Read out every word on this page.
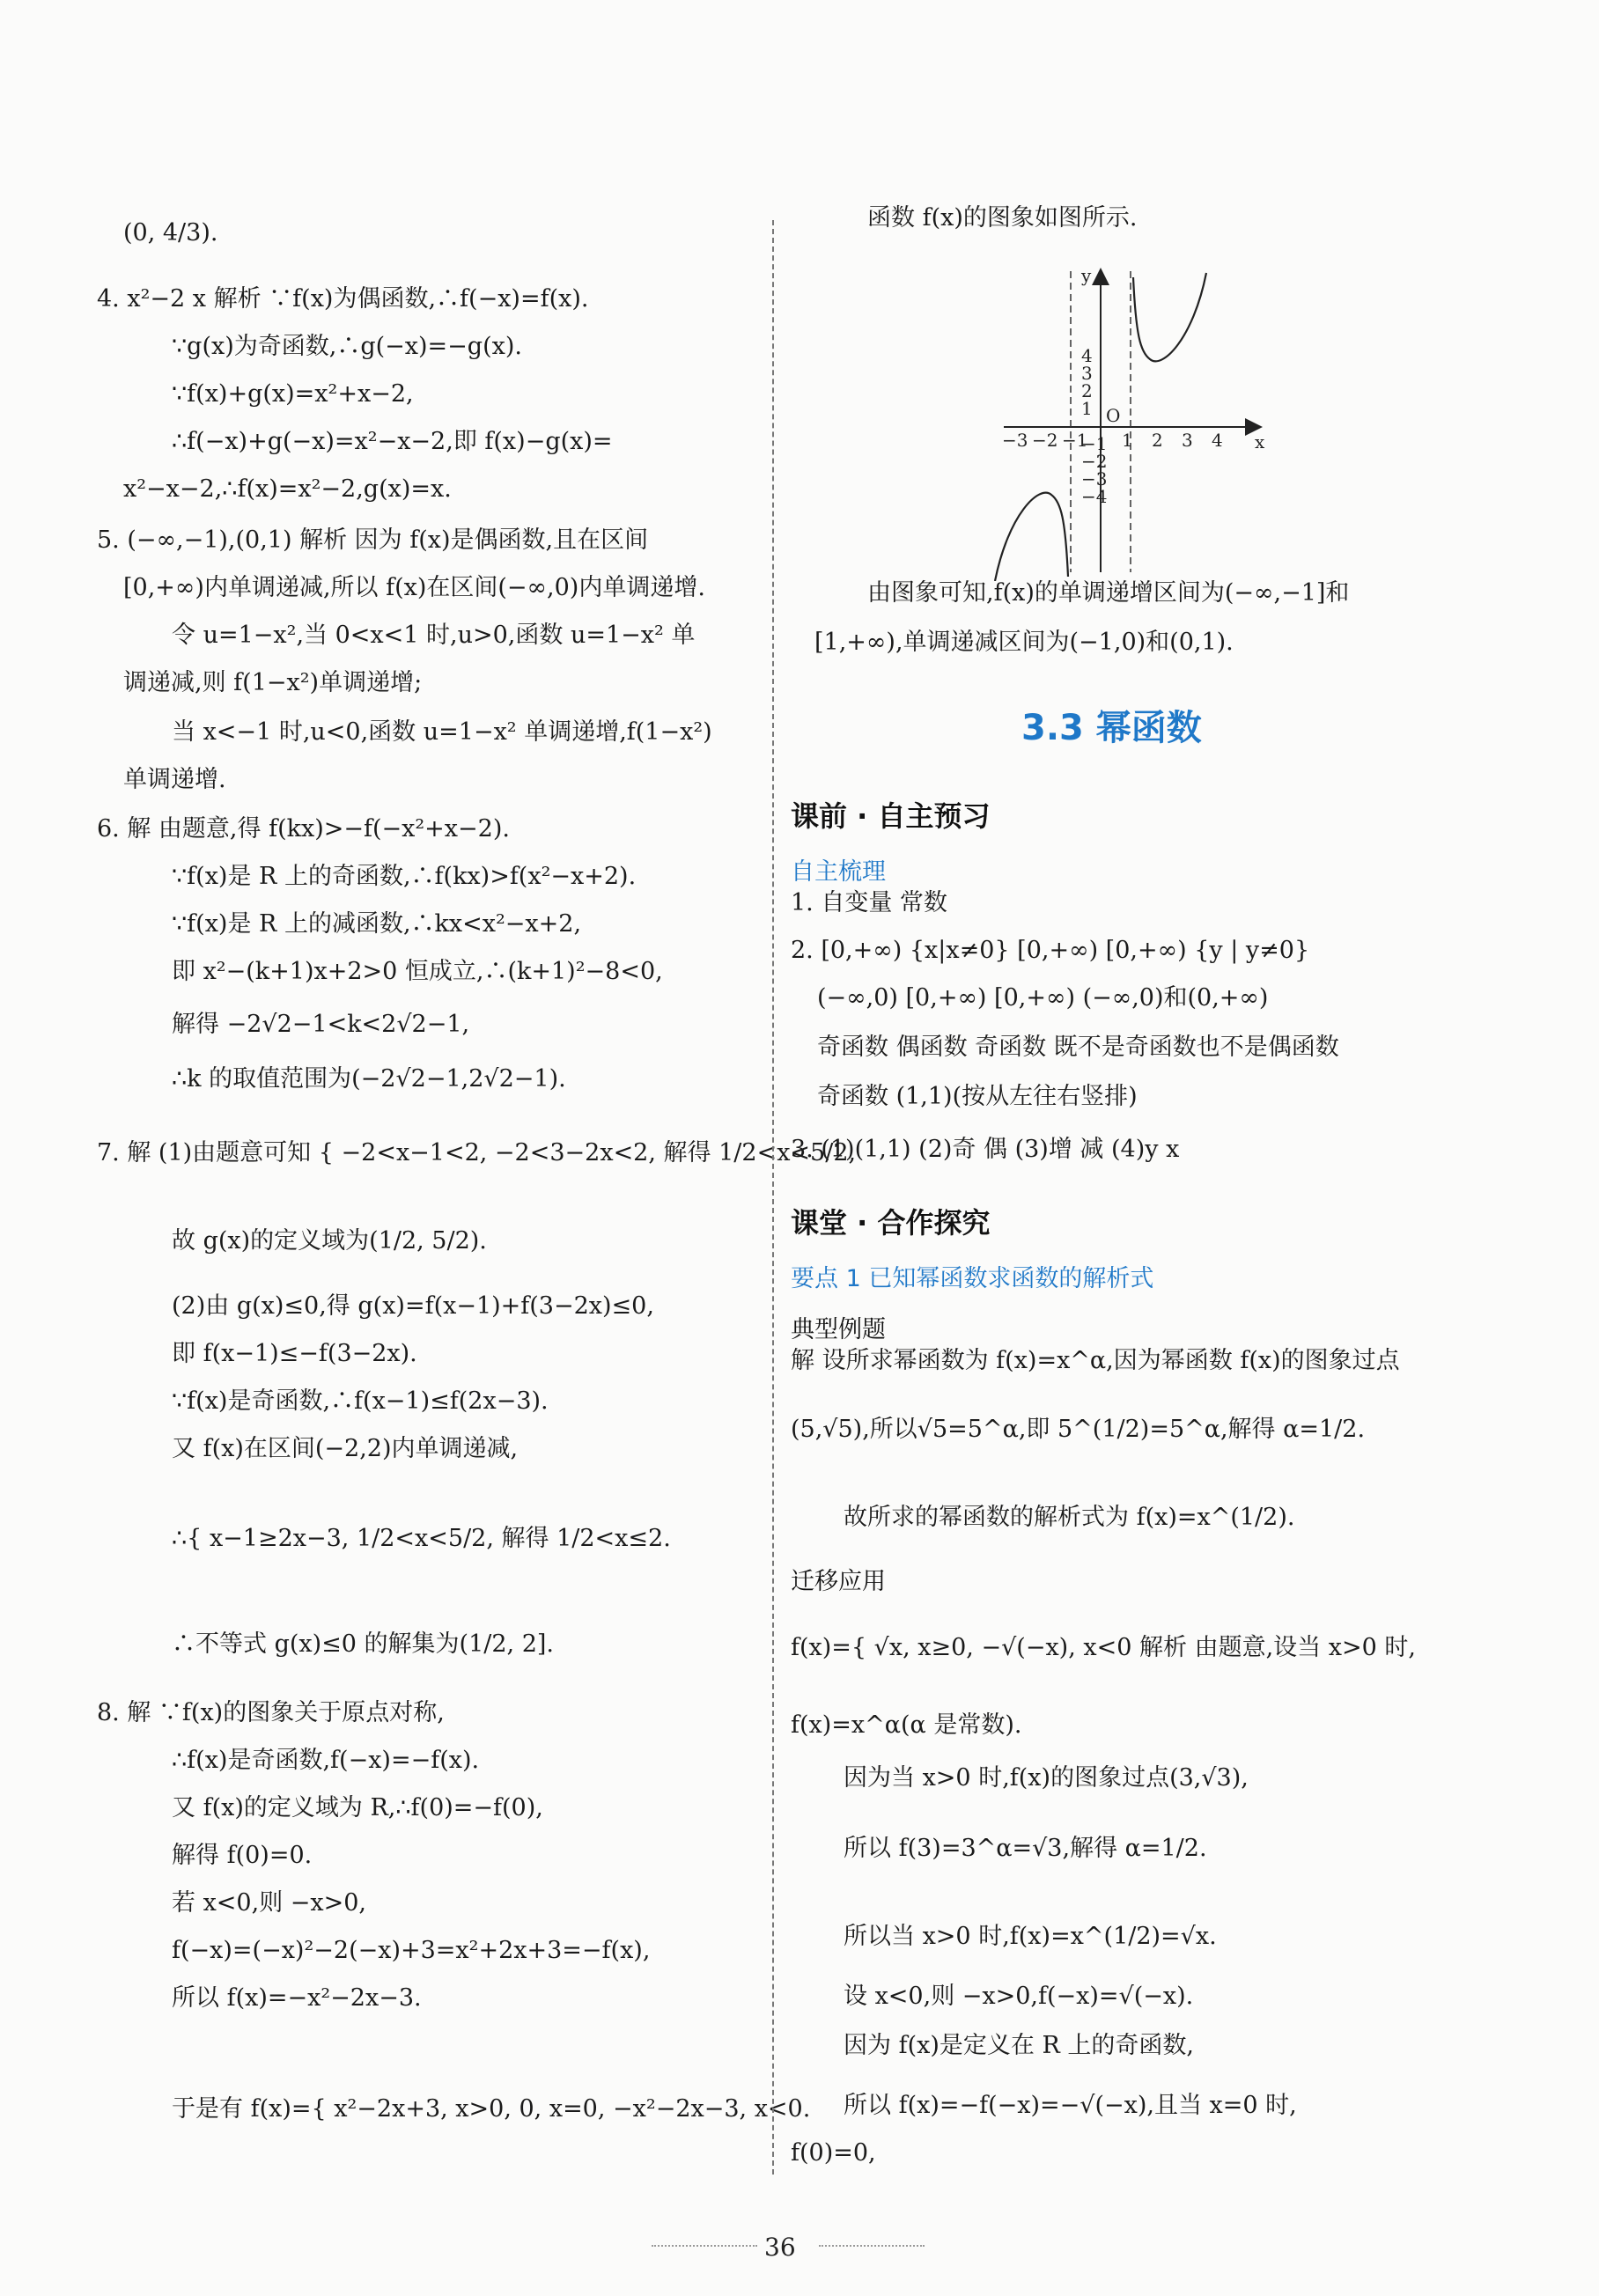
(0, 4/3).
4. x²−2 x 解析 ∵f(x)为偶函数,∴f(−x)=f(x).
∵g(x)为奇函数,∴g(−x)=−g(x).
∵f(x)+g(x)=x²+x−2,
∴f(−x)+g(−x)=x²−x−2,即 f(x)−g(x)=
x²−x−2,∴f(x)=x²−2,g(x)=x.
5. (−∞,−1),(0,1) 解析 因为 f(x)是偶函数,且在区间
[0,+∞)内单调递减,所以 f(x)在区间(−∞,0)内单调递增.
令 u=1−x²,当 0<x<1 时,u>0,函数 u=1−x² 单
调递减,则 f(1−x²)单调递增;
当 x<−1 时,u<0,函数 u=1−x² 单调递增,f(1−x²)
单调递增.
6. 解 由题意,得 f(kx)>−f(−x²+x−2).
∵f(x)是 R 上的奇函数,∴f(kx)>f(x²−x+2).
∵f(x)是 R 上的减函数,∴kx<x²−x+2,
即 x²−(k+1)x+2>0 恒成立,∴(k+1)²−8<0,
解得 −2√2−1<k<2√2−1,
∴k 的取值范围为(−2√2−1,2√2−1).
7. 解 (1)由题意可知 { −2<x−1<2, −2<3−2x<2, 解得 1/2<x<5/2,
故 g(x)的定义域为(1/2, 5/2).
(2)由 g(x)≤0,得 g(x)=f(x−1)+f(3−2x)≤0,
即 f(x−1)≤−f(3−2x).
∵f(x)是奇函数,∴f(x−1)≤f(2x−3).
又 f(x)在区间(−2,2)内单调递减,
∴{ x−1≥2x−3, 1/2<x<5/2, 解得 1/2<x≤2.
∴不等式 g(x)≤0 的解集为(1/2, 2].
8. 解 ∵f(x)的图象关于原点对称,
∴f(x)是奇函数,f(−x)=−f(x).
又 f(x)的定义域为 R,∴f(0)=−f(0),
解得 f(0)=0.
若 x<0,则 −x>0,
f(−x)=(−x)²−2(−x)+3=x²+2x+3=−f(x),
所以 f(x)=−x²−2x−3.
于是有 f(x)={ x²−2x+3, x>0, 0, x=0, −x²−2x−3, x<0.
函数 f(x)的图象如图所示.
由图象可知,f(x)的单调递增区间为(−∞,−1]和
[1,+∞),单调递减区间为(−1,0)和(0,1).
1. 自变量 常数
2. [0,+∞) {x|x≠0} [0,+∞) [0,+∞) {y | y≠0}
(−∞,0) [0,+∞) [0,+∞) (−∞,0)和(0,+∞)
奇函数 偶函数 奇函数 既不是奇函数也不是偶函数
奇函数 (1,1)(按从左往右竖排)
3. (1)(1,1) (2)奇 偶 (3)增 减 (4)y x
解 设所求幂函数为 f(x)=x^α,因为幂函数 f(x)的图象过点
(5,√5),所以√5=5^α,即 5^(1/2)=5^α,解得 α=1/2.
故所求的幂函数的解析式为 f(x)=x^(1/2).
f(x)={ √x, x≥0, −√(−x), x<0 解析 由题意,设当 x>0 时,
f(x)=x^α(α 是常数).
因为当 x>0 时,f(x)的图象过点(3,√3),
所以 f(3)=3^α=√3,解得 α=1/2.
所以当 x>0 时,f(x)=x^(1/2)=√x.
设 x<0,则 −x>0,f(−x)=√(−x).
因为 f(x)是定义在 R 上的奇函数,
所以 f(x)=−f(−x)=−√(−x),且当 x=0 时,
f(0)=0,
−3 −2 −1 1 2 3 4
4
3
2
1
−1
−2
−3
−4
O
x
y
3.3 幂函数
课前 · 自主预习
自主梳理
课堂 · 合作探究
要点 1 已知幂函数求函数的解析式
典型例题
迁移应用
36
